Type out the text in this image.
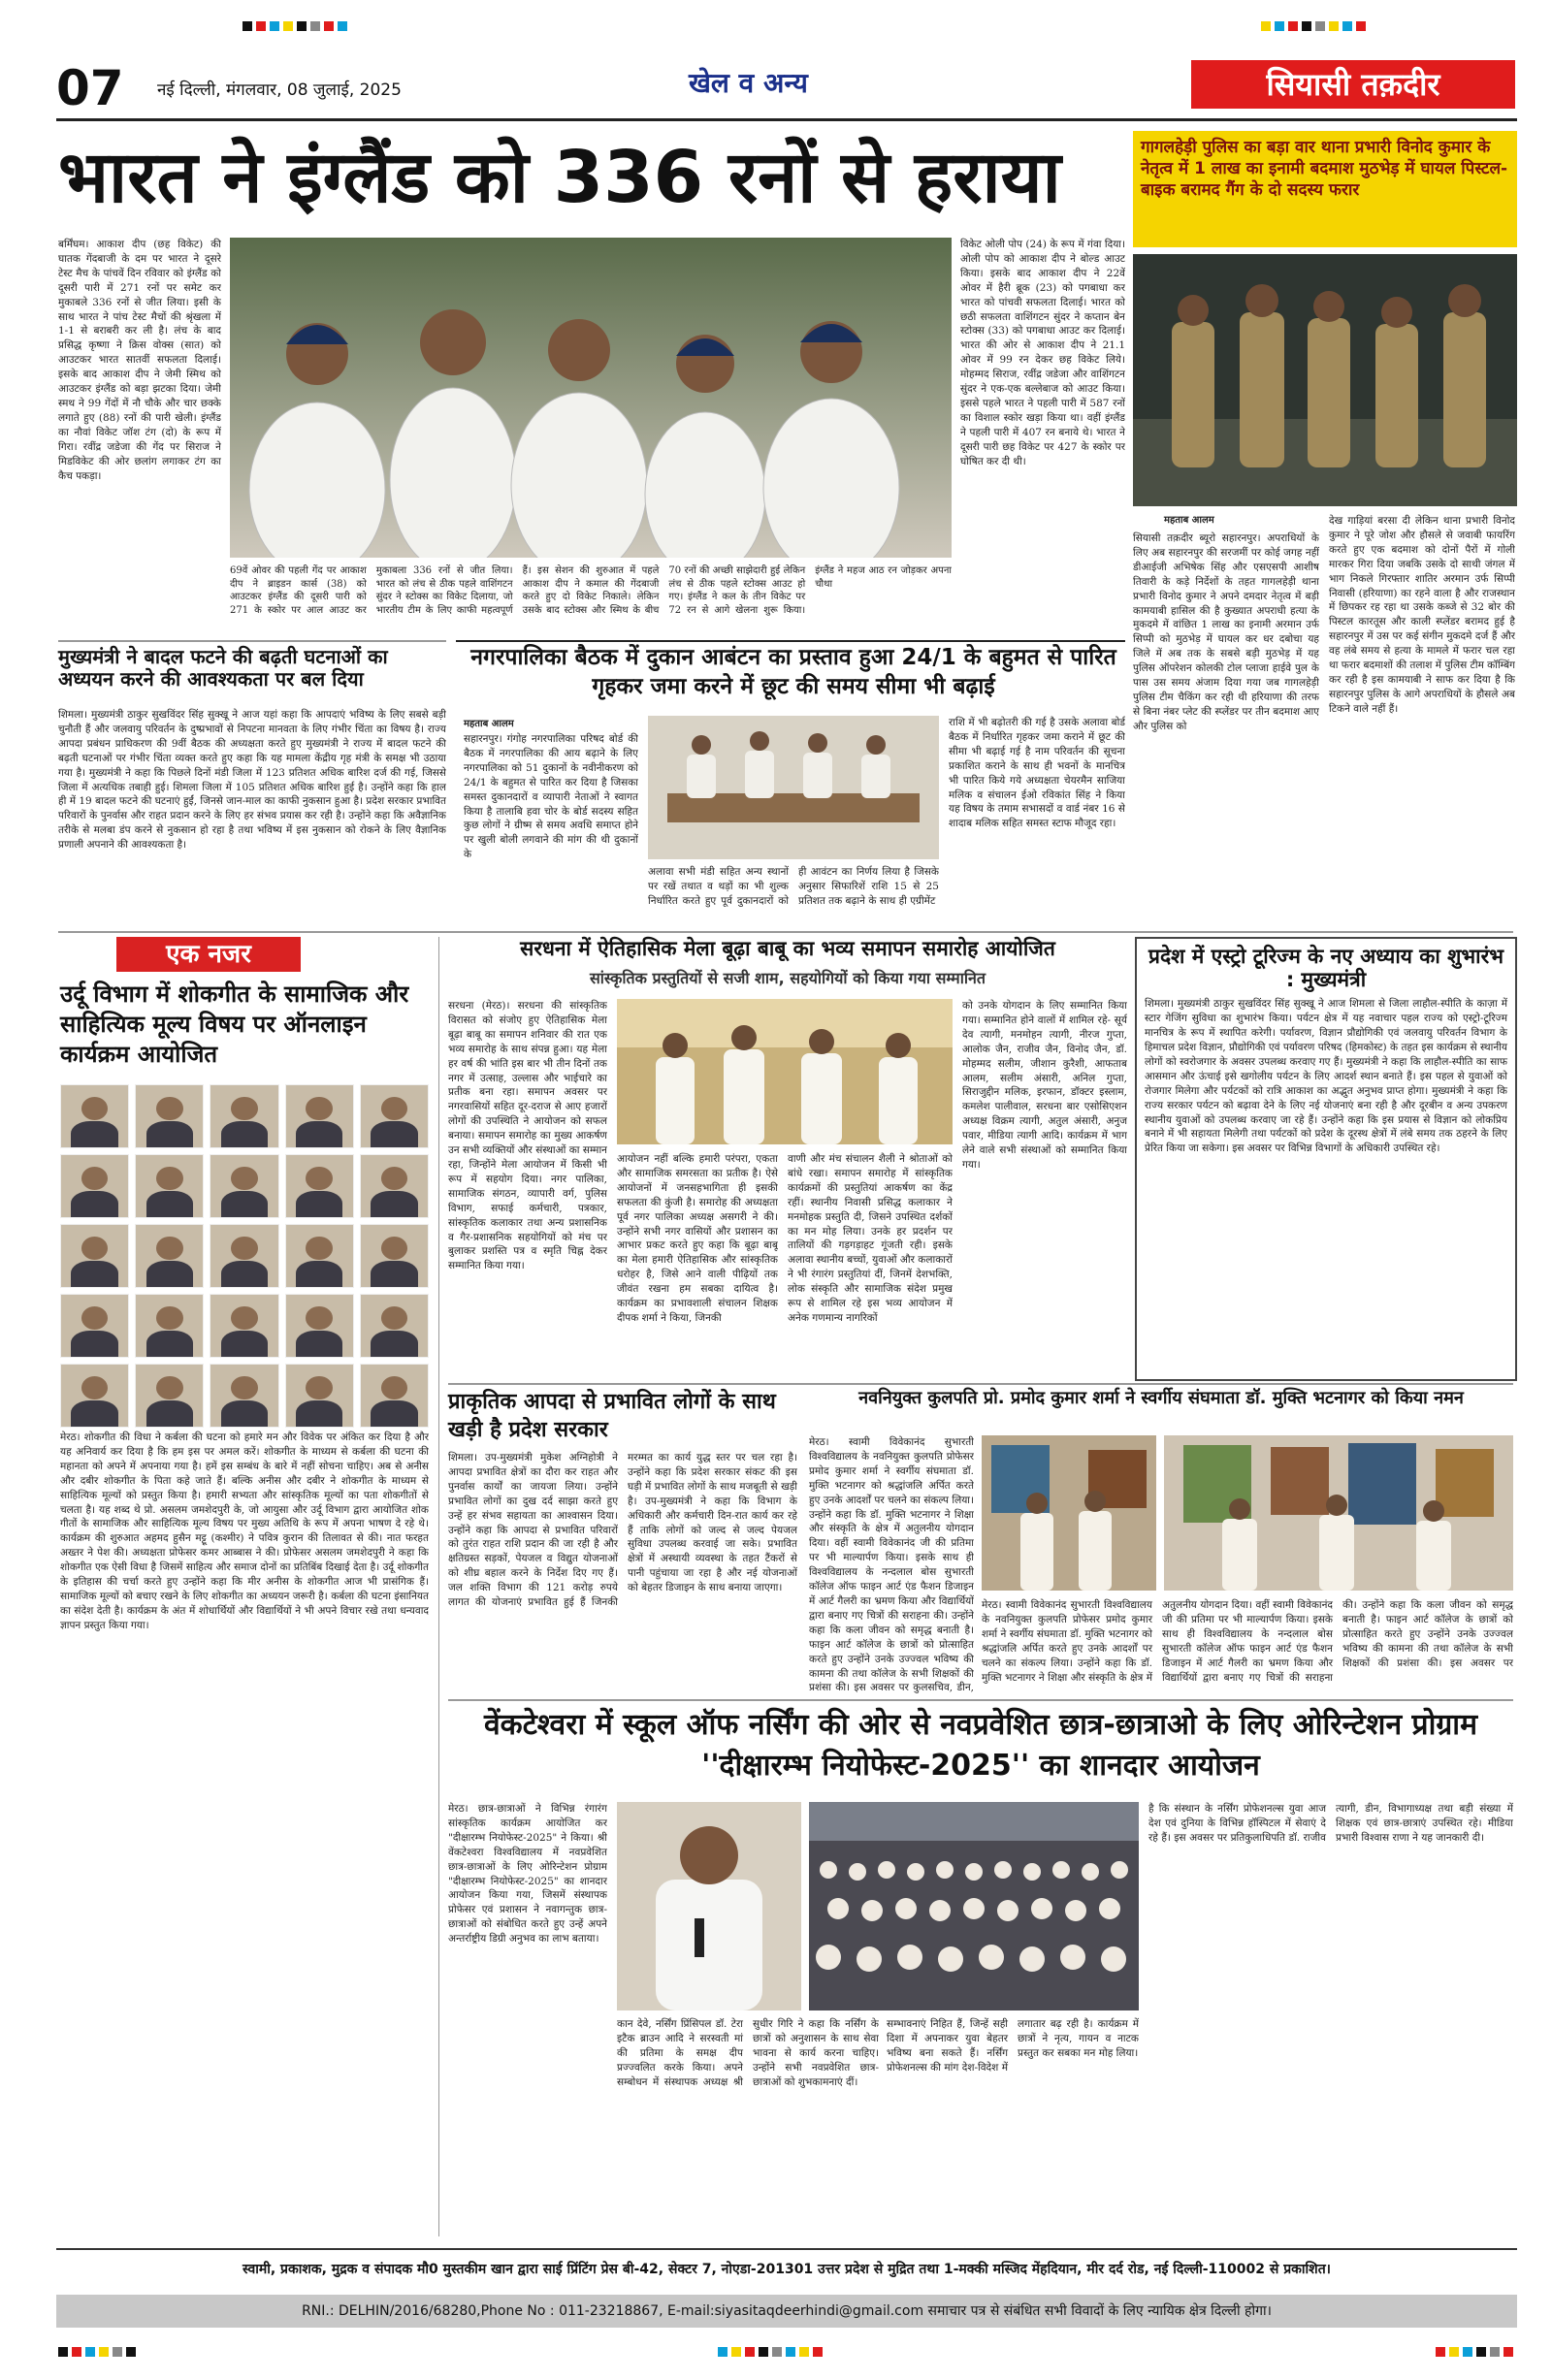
07 नई दिल्ली, मंगलवार, 08 जुलाई, 2025	खेल व अन्य	सियासी तक़दीर
भारत ने इंग्लैंड को 336 रनों से हराया
बर्मिंघम। आकाश दीप (छह विकेट) की घातक गेंदबाजी के दम पर भारत ने दूसरे टेस्ट मैच के पांचवें दिन रविवार को इंग्लैंड को दूसरी पारी में 271 रनों पर समेट कर मुकाबले 336 रनों से जीत लिया। इसी के साथ भारत ने पांच टेस्ट मैचों की श्रृंखला में 1-1 से बराबरी कर ली है। लंच के बाद प्रसिद्ध कृष्णा ने क्रिस वोक्स (सात) को आउटकर भारत सातवीं सफलता दिलाई। इसके बाद आकाश दीप ने जेमी स्मिथ को आउटकर इंग्लैंड को बड़ा झटका दिया। जेमी स्मथ ने 99 गेंदों में नौ चौके और चार छक्के लगाते हुए (88) रनों की पारी खेली। इंग्लैंड का नौवां विकेट जॉश टंग (दो) के रूप में गिरा। रवींद्र जडेजा की गेंद पर सिराज ने मिडविकेट की ओर छलांग लगाकर टंग का कैच पकड़ा।
69वें ओवर की पहली गेंद पर आकाश दीप ने ब्राइडन कार्स (38) को आउटकर इंग्लैंड की दूसरी पारी को 271 के स्कोर पर आल आउट कर मुकाबला 336 रनों से जीत लिया। भारत को लंच से ठीक पहले वाशिंगटन सुंदर ने स्टोक्स का विकेट दिलाया, जो भारतीय टीम के लिए काफी महत्वपूर्ण हैं। इस सेशन की शुरुआत में पहले आकाश दीप ने कमाल की गेंदबाजी करते हुए दो विकेट निकाले। लेकिन उसके बाद स्टोक्स और स्मिथ के बीच 70 रनों की अच्छी साझेदारी हुई लेकिन लंच से ठीक पहले स्टोक्स आउट हो गए। इंग्लैंड ने कल के तीन विकेट पर 72 रन से आगे खेलना शुरू किया। इंग्लैंड ने महज आठ रन जोड़कर अपना चौथा
विकेट ओली पोप (24) के रूप में गंवा दिया। ओली पोप को आकाश दीप ने बोल्ड आउट किया। इसके बाद आकाश दीप ने 22वें ओवर में हैरी ब्रूक (23) को पगबाधा कर भारत को पांचवी सफलता दिलाई। भारत को छठी सफलता वाशिंगटन सुंदर ने कप्तान बेन स्टोक्स (33) को पगबाधा आउट कर दिलाई। भारत की ओर से आकाश दीप ने 21.1 ओवर में 99 रन देकर छह विकेट लिये। मोहम्मद सिराज, रवींद्र जडेजा और वाशिंगटन सुंदर ने एक-एक बल्लेबाज को आउट किया। इससे पहले भारत ने पहली पारी में 587 रनों का विशाल स्कोर खड़ा किया था। वहीं इंग्लैंड ने पहली पारी में 407 रन बनाये थे। भारत ने दूसरी पारी छह विकेट पर 427 के स्कोर पर घोषित कर दी थी।
गागलहेड़ी पुलिस का बड़ा वार थाना प्रभारी विनोद कुमार के नेतृत्व में 1 लाख का इनामी बदमाश मुठभेड़ में घायल पिस्टल-बाइक बरामद गैंग के दो सदस्य फरार
महताब आलम
सियासी तक़दीर ब्यूरो सहारनपुर। अपराधियों के लिए अब सहारनपुर की सरजमीं पर कोई जगह नहीं डीआईजी अभिषेक सिंह और एसएसपी आशीष तिवारी के कड़े निर्देशों के तहत गागलहेड़ी थाना प्रभारी विनोद कुमार ने अपने दमदार नेतृत्व में बड़ी कामयाबी हासिल की है कुख्यात अपराधी हत्या के मुकदमे में वांछित 1 लाख का इनामी अरमान उर्फ सिप्पी को मुठभेड़ में घायल कर धर दबोचा यह जिले में अब तक के सबसे बड़ी मुठभेड़ में यह पुलिस ऑपरेशन कोलकी टोल प्लाजा हाईवे पुल के पास उस समय अंजाम दिया गया जब गागलहेड़ी पुलिस टीम चैकिंग कर रही थी हरियाणा की तरफ से बिना नंबर प्लेट की स्प्लेंडर पर तीन बदमाश आए और पुलिस को
देख गाड़ियां बरसा दी लेकिन थाना प्रभारी विनोद कुमार ने पूरे जोश और हौसले से जवाबी फायरिंग करते हुए एक बदमाश को दोनों पैरों में गोली मारकर गिरा दिया जबकि उसके दो साथी जंगल में भाग निकले गिरफ्तार शातिर अरमान उर्फ सिप्पी निवासी (हरियाणा) का रहने वाला है और राजस्थान में छिपकर रह रहा था उसके कब्जे से 32 बोर की पिस्टल कारतूस और काली स्प्लेंडर बरामद हुई है सहारनपुर में उस पर कई संगीन मुकदमे दर्ज हैं और वह लंबे समय से हत्या के मामले में फरार चल रहा था फरार बदमाशों की तलाश में पुलिस टीम कॉम्बिंग कर रही है इस कामयाबी ने साफ कर दिया है कि सहारनपुर पुलिस के आगे अपराधियों के हौसले अब टिकने वाले नहीं हैं।
मुख्यमंत्री ने बादल फटने की बढ़ती घटनाओं का अध्ययन करने की आवश्यकता पर बल दिया
शिमला। मुख्यमंत्री ठाकुर सुखविंदर सिंह सुक्खू ने आज यहां कहा कि आपदाएं भविष्य के लिए सबसे बड़ी चुनौती हैं और जलवायु परिवर्तन के दुष्प्रभावों से निपटना मानवता के लिए गंभीर चिंता का विषय है। राज्य आपदा प्रबंधन प्राधिकरण की 9वीं बैठक की अध्यक्षता करते हुए मुख्यमंत्री ने राज्य में बादल फटने की बढ़ती घटनाओं पर गंभीर चिंता व्यक्त करते हुए कहा कि यह मामला केंद्रीय गृह मंत्री के समक्ष भी उठाया गया है। मुख्यमंत्री ने कहा कि पिछले दिनों मंडी जिला में 123 प्रतिशत अधिक बारिश दर्ज की गई, जिससे जिला में अत्यधिक तबाही हुई। शिमला जिला में 105 प्रतिशत अधिक बारिश हुई है। उन्होंने कहा कि हाल ही में 19 बादल फटने की घटनाएं हुईं, जिनसे जान-माल का काफी नुकसान हुआ है। प्रदेश सरकार प्रभावित परिवारों के पुनर्वास और राहत प्रदान करने के लिए हर संभव प्रयास कर रही है। उन्होंने कहा कि अवैज्ञानिक तरीके से मलबा डंप करने से नुकसान हो रहा है तथा भविष्य में इस नुकसान को रोकने के लिए वैज्ञानिक प्रणाली अपनाने की आवश्यकता है।
नगरपालिका बैठक में दुकान आबंटन का प्रस्ताव हुआ 24/1 के बहुमत से पारित गृहकर जमा करने में छूट की समय सीमा भी बढ़ाई
महताब आलम
सहारनपुर। गंगोह नगरपालिका परिषद बोर्ड की बैठक में नगरपालिका की आय बढ़ाने के लिए नगरपालिका को 51 दुकानों के नवीनीकरण को 24/1 के बहुमत से पारित कर दिया है जिसका समस्त दुकानदारों व व्यापारी नेताओं ने स्वागत किया है तालाबि हवा चोर के बोर्ड सदस्य सहित कुछ लोगों ने ग्रीष्म से समय अवधि समाप्त होने पर खुली बोली लगवाने की मांग की थी दुकानों के
अलावा सभी मंडी सहित अन्य स्थानों पर रखें तथात व थड़ों का भी शुल्क निर्धारित करते हुए पूर्व दुकानदारों को ही आवंटन का निर्णय लिया है जिसके अनुसार सिफारिशें राशि 15 से 25 प्रतिशत तक बढ़ाने के साथ ही एग्रीमेंट
राशि में भी बढ़ोतरी की गई है उसके अलावा बोर्ड बैठक में निर्धारित गृहकर जमा कराने में छूट की सीमा भी बढ़ाई गई है नाम परिवर्तन की सूचना प्रकाशित कराने के साथ ही भवनों के मानचित्र भी पारित किये गये अध्यक्षता चेयरमैन साजिया मलिक व संचालन ईओ रविकांत सिंह ने किया यह विषय के तमाम सभासदों व वार्ड नंबर 16 से शादाब मलिक सहित समस्त स्टाफ मौजूद रहा।
एक नजर
उर्दू विभाग में शोकगीत के सामाजिक और साहित्यिक मूल्य विषय पर ऑनलाइन कार्यक्रम आयोजित
मेरठ। शोकगीत की विधा ने कर्बला की घटना को हमारे मन और विवेक पर अंकित कर दिया है और यह अनिवार्य कर दिया है कि हम इस पर अमल करें। शोकगीत के माध्यम से कर्बला की घटना की महानता को अपने में अपनाया गया है। हमें इस सम्बंध के बारे में नहीं सोचना चाहिए। अब से अनीस और दबीर शोकगीत के पिता कहे जाते हैं। बल्कि अनीस और दबीर ने शोकगीत के माध्यम से साहित्यिक मूल्यों को प्रस्तुत किया है। हमारी सभ्यता और सांस्कृतिक मूल्यों का पता शोकगीतों से चलता है। यह शब्द थे प्रो. असलम जमशेदपुरी के, जो आयुसा और उर्दू विभाग द्वारा आयोजित शोक गीतों के सामाजिक और साहित्यिक मूल्य विषय पर मुख्य अतिथि के रूप में अपना भाषण दे रहे थे। कार्यक्रम की शुरुआत अहमद हुसैन मट्टू (कश्मीर) ने पवित्र कुरान की तिलावत से की। नात फरहत अख्तर ने पेश की। अध्यक्षता प्रोफेसर कमर आब्बास ने की। प्रोफेसर असलम जमशेदपुरी ने कहा कि शोकगीत एक ऐसी विधा है जिसमें साहित्य और समाज दोनों का प्रतिबिंब दिखाई देता है। उर्दू शोकगीत के इतिहास की चर्चा करते हुए उन्होंने कहा कि मीर अनीस के शोकगीत आज भी प्रासंगिक हैं। सामाजिक मूल्यों को बचाए रखने के लिए शोकगीत का अध्ययन जरूरी है। कर्बला की घटना इंसानियत का संदेश देती है। कार्यक्रम के अंत में शोधार्थियों और विद्यार्थियों ने भी अपने विचार रखे तथा धन्यवाद ज्ञापन प्रस्तुत किया गया।
सरधना में ऐतिहासिक मेला बूढ़ा बाबू का भव्य समापन समारोह आयोजित
सांस्कृतिक प्रस्तुतियों से सजी शाम, सहयोगियों को किया गया सम्मानित
सरधना (मेरठ)। सरधना की सांस्कृतिक विरासत को संजोए हुए ऐतिहासिक मेला बूढ़ा बाबू का समापन शनिवार की रात एक भव्य समारोह के साथ संपन्न हुआ। यह मेला हर वर्ष की भांति इस बार भी तीन दिनों तक नगर में उत्साह, उल्लास और भाईचारे का प्रतीक बना रहा। समापन अवसर पर नगरवासियों सहित दूर-दराज से आए हजारों लोगों की उपस्थिति ने आयोजन को सफल बनाया। समापन समारोह का मुख्य आकर्षण उन सभी व्यक्तियों और संस्थाओं का सम्मान रहा, जिन्होंने मेला आयोजन में किसी भी रूप में सहयोग दिया। नगर पालिका, सामाजिक संगठन, व्यापारी वर्ग, पुलिस विभाग, सफाई कर्मचारी, पत्रकार, सांस्कृतिक कलाकार तथा अन्य प्रशासनिक व गैर-प्रशासनिक सहयोगियों को मंच पर बुलाकर प्रशस्ति पत्र व स्मृति चिह्न देकर सम्मानित किया गया।
आयोजन नहीं बल्कि हमारी परंपरा, एकता और सामाजिक समरसता का प्रतीक है। ऐसे आयोजनों में जनसहभागिता ही इसकी सफलता की कुंजी है। समारोह की अध्यक्षता पूर्व नगर पालिका अध्यक्ष असगरी ने की। उन्होंने सभी नगर वासियों और प्रशासन का आभार प्रकट करते हुए कहा कि बूढ़ा बाबू का मेला हमारी ऐतिहासिक और सांस्कृतिक धरोहर है, जिसे आने वाली पीढ़ियों तक जीवंत रखना हम सबका दायित्व है। कार्यक्रम का प्रभावशाली संचालन शिक्षक दीपक शर्मा ने किया, जिनकी
वाणी और मंच संचालन शैली ने श्रोताओं को बांधे रखा। समापन समारोह में सांस्कृतिक कार्यक्रमों की प्रस्तुतियां आकर्षण का केंद्र रहीं। स्थानीय निवासी प्रसिद्ध कलाकार ने मनमोहक प्रस्तुति दी, जिसने उपस्थित दर्शकों का मन मोह लिया। उनके हर प्रदर्शन पर तालियों की गड़गड़ाहट गूंजती रही। इसके अलावा स्थानीय बच्चों, युवाओं और कलाकारों ने भी रंगारंग प्रस्तुतियां दीं, जिनमें देशभक्ति, लोक संस्कृति और सामाजिक संदेश प्रमुख रूप से शामिल रहे इस भव्य आयोजन में अनेक गणमान्य नागरिकों
को उनके योगदान के लिए सम्मानित किया गया। सम्मानित होने वालों में शामिल रहे- सूर्य देव त्यागी, मनमोहन त्यागी, नीरज गुप्ता, आलोक जैन, राजीव जैन, विनोद जैन, डॉ. मोहम्मद सलीम, जीशान कुरैशी, आफताब आलम, सलीम अंसारी, अनिल गुप्ता, सिराजुद्दीन मलिक, इरफान, डॉक्टर इस्लाम, कमलेश पालीवाल, सरधना बार एसोसिएशन अध्यक्ष विक्रम त्यागी, अतुल अंसारी, अनुज पवार, मीडिया त्यागी आदि। कार्यक्रम में भाग लेने वाले सभी संस्थाओं को सम्मानित किया गया।
प्रदेश में एस्ट्रो टूरिज्म के नए अध्याय का शुभारंभ : मुख्यमंत्री
शिमला। मुख्यमंत्री ठाकुर सुखविंदर सिंह सुक्खू ने आज शिमला से जिला लाहौल-स्पीति के काज़ा में स्टार गेजिंग सुविधा का शुभारंभ किया। पर्यटन क्षेत्र में यह नवाचार पहल राज्य को एस्ट्रो-टूरिज्म मानचित्र के रूप में स्थापित करेगी। पर्यावरण, विज्ञान प्रौद्योगिकी एवं जलवायु परिवर्तन विभाग के हिमाचल प्रदेश विज्ञान, प्रौद्योगिकी एवं पर्यावरण परिषद (हिमकोस्ट) के तहत इस कार्यक्रम से स्थानीय लोगों को स्वरोजगार के अवसर उपलब्ध करवाए गए हैं। मुख्यमंत्री ने कहा कि लाहौल-स्पीति का साफ आसमान और ऊंचाई इसे खगोलीय पर्यटन के लिए आदर्श स्थान बनाते हैं। इस पहल से युवाओं को रोजगार मिलेगा और पर्यटकों को रात्रि आकाश का अद्भुत अनुभव प्राप्त होगा। मुख्यमंत्री ने कहा कि राज्य सरकार पर्यटन को बढ़ावा देने के लिए नई योजनाएं बना रही है और दूरबीन व अन्य उपकरण स्थानीय युवाओं को उपलब्ध करवाए जा रहे हैं। उन्होंने कहा कि इस प्रयास से विज्ञान को लोकप्रिय बनाने में भी सहायता मिलेगी तथा पर्यटकों को प्रदेश के दूरस्थ क्षेत्रों में लंबे समय तक ठहरने के लिए प्रेरित किया जा सकेगा। इस अवसर पर विभिन्न विभागों के अधिकारी उपस्थित रहे।
प्राकृतिक आपदा से प्रभावित लोगों के साथ खड़ी है प्रदेश सरकार
शिमला। उप-मुख्यमंत्री मुकेश अग्निहोत्री ने आपदा प्रभावित क्षेत्रों का दौरा कर राहत और पुनर्वास कार्यों का जायजा लिया। उन्होंने प्रभावित लोगों का दुख दर्द साझा करते हुए उन्हें हर संभव सहायता का आश्वासन दिया। उन्होंने कहा कि आपदा से प्रभावित परिवारों को तुरंत राहत राशि प्रदान की जा रही है और क्षतिग्रस्त सड़कों, पेयजल व विद्युत योजनाओं को शीघ्र बहाल करने के निर्देश दिए गए हैं। जल शक्ति विभाग की 121 करोड़ रुपये लागत की योजनाएं प्रभावित हुई हैं जिनकी मरम्मत का कार्य युद्ध स्तर पर चल रहा है। उन्होंने कहा कि प्रदेश सरकार संकट की इस घड़ी में प्रभावित लोगों के साथ मजबूती से खड़ी है। उप-मुख्यमंत्री ने कहा कि विभाग के अधिकारी और कर्मचारी दिन-रात कार्य कर रहे हैं ताकि लोगों को जल्द से जल्द पेयजल सुविधा उपलब्ध करवाई जा सके। प्रभावित क्षेत्रों में अस्थायी व्यवस्था के तहत टैंकरों से पानी पहुंचाया जा रहा है और नई योजनाओं को बेहतर डिजाइन के साथ बनाया जाएगा।
नवनियुक्त कुलपति प्रो. प्रमोद कुमार शर्मा ने स्वर्गीय संघमाता डॉ. मुक्ति भटनागर को किया नमन
मेरठ। स्वामी विवेकानंद सुभारती विश्वविद्यालय के नवनियुक्त कुलपति प्रोफेसर प्रमोद कुमार शर्मा ने स्वर्गीय संघमाता डॉ. मुक्ति भटनागर को श्रद्धांजलि अर्पित करते हुए उनके आदर्शों पर चलने का संकल्प लिया। उन्होंने कहा कि डॉ. मुक्ति भटनागर ने शिक्षा और संस्कृति के क्षेत्र में अतुलनीय योगदान दिया। वहीं स्वामी विवेकानंद जी की प्रतिमा पर भी माल्यार्पण किया। इसके साथ ही विश्वविद्यालय के नन्दलाल बोस सुभारती कॉलेज ऑफ फाइन आर्ट एंड फैशन डिजाइन में आर्ट गैलरी का भ्रमण किया और विद्यार्थियों द्वारा बनाए गए चित्रों की सराहना की। उन्होंने कहा कि कला जीवन को समृद्ध बनाती है। फाइन आर्ट कॉलेज के छात्रों को प्रोत्साहित करते हुए उन्होंने उनके उज्ज्वल भविष्य की कामना की तथा कॉलेज के सभी शिक्षकों की प्रशंसा की। इस अवसर पर कुलसचिव, डीन,
मेरठ। स्वामी विवेकानंद सुभारती विश्वविद्यालय के नवनियुक्त कुलपति प्रोफेसर प्रमोद कुमार शर्मा ने स्वर्गीय संघमाता डॉ. मुक्ति भटनागर को श्रद्धांजलि अर्पित करते हुए उनके आदर्शों पर चलने का संकल्प लिया। उन्होंने कहा कि डॉ. मुक्ति भटनागर ने शिक्षा और संस्कृति के क्षेत्र में अतुलनीय योगदान दिया। वहीं स्वामी विवेकानंद जी की प्रतिमा पर भी माल्यार्पण किया। इसके साथ ही विश्वविद्यालय के नन्दलाल बोस सुभारती कॉलेज ऑफ फाइन आर्ट एंड फैशन डिजाइन में आर्ट गैलरी का भ्रमण किया और विद्यार्थियों द्वारा बनाए गए चित्रों की सराहना की। उन्होंने कहा कि कला जीवन को समृद्ध बनाती है। फाइन आर्ट कॉलेज के छात्रों को प्रोत्साहित करते हुए उन्होंने उनके उज्ज्वल भविष्य की कामना की तथा कॉलेज के सभी शिक्षकों की प्रशंसा की। इस अवसर पर
वेंकटेश्वरा में स्कूल ऑफ नर्सिंग की ओर से नवप्रवेशित छात्र-छात्राओ के लिए ओरिन्टेशन प्रोग्राम ''दीक्षारम्भ नियोफेस्ट-2025'' का शानदार आयोजन
मेरठ। छात्र-छात्राओं ने विभिन्न रंगारंग सांस्कृतिक कार्यक्रम आयोजित कर "दीक्षारम्भ नियोफेस्ट-2025" ने किया। श्री वेंकटेश्वरा विश्वविद्यालय में नवप्रवेशित छात्र-छात्राओं के लिए ओरिन्टेशन प्रोग्राम "दीक्षारम्भ नियोफेस्ट-2025" का शानदार आयोजन किया गया, जिसमें संस्थापक प्रोफेसर एवं प्रशासन ने नवागन्तुक छात्र-छात्राओं को संबोधित करते हुए उन्हें अपने अन्तर्राष्ट्रीय डिग्री अनुभव का लाभ बताया।
कान देवे, नर्सिंग प्रिंसिपल डॉ. टेरा इटैक ब्राउन आदि ने सरस्वती मां की प्रतिमा के समक्ष दीप प्रज्ज्वलित करके किया। अपने सम्बोधन में संस्थापक अध्यक्ष श्री सुधीर गिरि ने कहा कि नर्सिंग के छात्रों को अनुशासन के साथ सेवा भावना से कार्य करना चाहिए। उन्होंने सभी नवप्रवेशित छात्र-छात्राओं को शुभकामनाएं दीं।
सम्भावनाएं निहित हैं, जिन्हें सही दिशा में अपनाकर युवा बेहतर भविष्य बना सकते हैं। नर्सिंग प्रोफेशनल्स की मांग देश-विदेश में लगातार बढ़ रही है। कार्यक्रम में छात्रों ने नृत्य, गायन व नाटक प्रस्तुत कर सबका मन मोह लिया।
है कि संस्थान के नर्सिंग प्रोफेशनल्स युवा आज देश एवं दुनिया के विभिन्न हॉस्पिटल में सेवाएं दे रहे हैं। इस अवसर पर प्रतिकुलाधिपति डॉ. राजीव त्यागी, डीन, विभागाध्यक्ष तथा बड़ी संख्या में शिक्षक एवं छात्र-छात्राएं उपस्थित रहे। मीडिया प्रभारी विश्वास राणा ने यह जानकारी दी।
स्वामी, प्रकाशक, मुद्रक व संपादक मौ0 मुस्तकीम खान द्वारा साई प्रिंटिंग प्रेस बी-42, सेक्टर 7, नोएडा-201301 उत्तर प्रदेश से मुद्रित तथा 1-मक्की मस्जिद मेंहदियान, मीर दर्द रोड, नई दिल्ली-110002 से प्रकाशित।
RNI.: DELHIN/2016/68280,Phone No : 011-23218867, E-mail:siyasitaqdeerhindi@gmail.com समाचार पत्र से संबंधित सभी विवादों के लिए न्यायिक क्षेत्र दिल्ली होगा।
